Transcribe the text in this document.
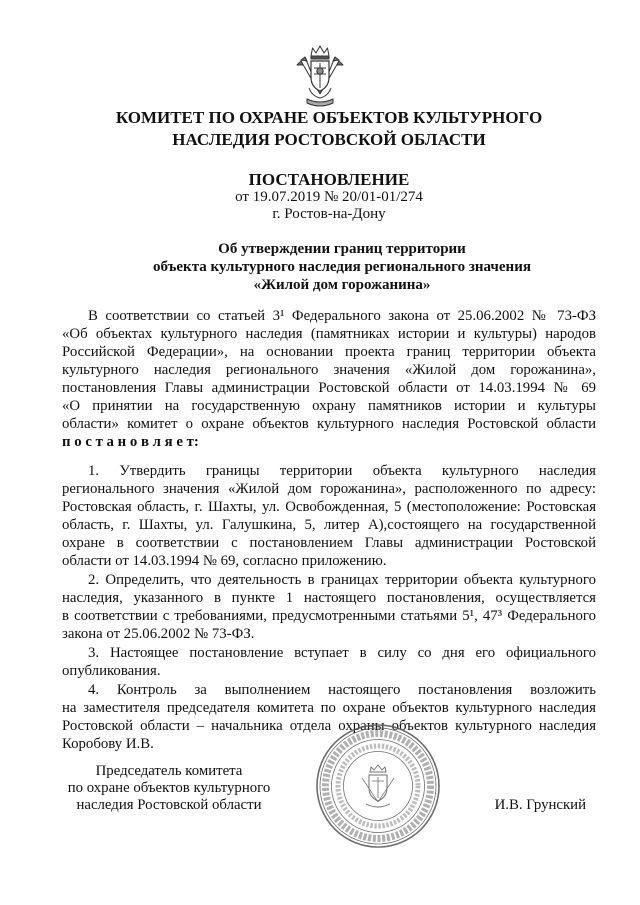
КОМИТЕТ ПО ОХРАНЕ ОБЪЕКТОВ КУЛЬТУРНОГО
НАСЛЕДИЯ РОСТОВСКОЙ ОБЛАСТИ
ПОСТАНОВЛЕНИЕ
от 19.07.2019 № 20/01-01/274
г. Ростов-на-Дону
Об утверждении границ территории
объекта культурного наследия регионального значения
«Жилой дом горожанина»
В соответствии со статьей 3¹ Федерального закона от 25.06.2002 № 73-ФЗ
«Об объектах культурного наследия (памятниках истории и культуры) народов
Российской Федерации», на основании проекта границ территории объекта
культурного наследия регионального значения «Жилой дом горожанина»,
постановления Главы администрации Ростовской области от 14.03.1994 № 69
«О принятии на государственную охрану памятников истории и культуры
области» комитет о охране объектов культурного наследия Ростовской области
п о с т а н о в л я е т:
1. Утвердить границы территории объекта культурного наследия
регионального значения «Жилой дом горожанина», расположенного по адресу:
Ростовская область, г. Шахты, ул. Освобожденная, 5 (местоположение: Ростовская
область, г. Шахты, ул. Галушкина, 5, литер А),состоящего на государственной
охране в соответствии с постановлением Главы администрации Ростовской
области от 14.03.1994 № 69, согласно приложению.
2. Определить, что деятельность в границах территории объекта культурного
наследия, указанного в пункте 1 настоящего постановления, осуществляется
в соответствии с требованиями, предусмотренными статьями 5¹, 47³ Федерального
закона от 25.06.2002 № 73-ФЗ.
3. Настоящее постановление вступает в силу со дня его официального
опубликования.
4. Контроль за выполнением настоящего постановления возложить
на заместителя председателя комитета по охране объектов культурного наследия
Ростовской области – начальника отдела охраны объектов культурного наследия
Коробову И.В.
Председатель комитета
по охране объектов культурного
наследия Ростовской области	И.В. Грунский
